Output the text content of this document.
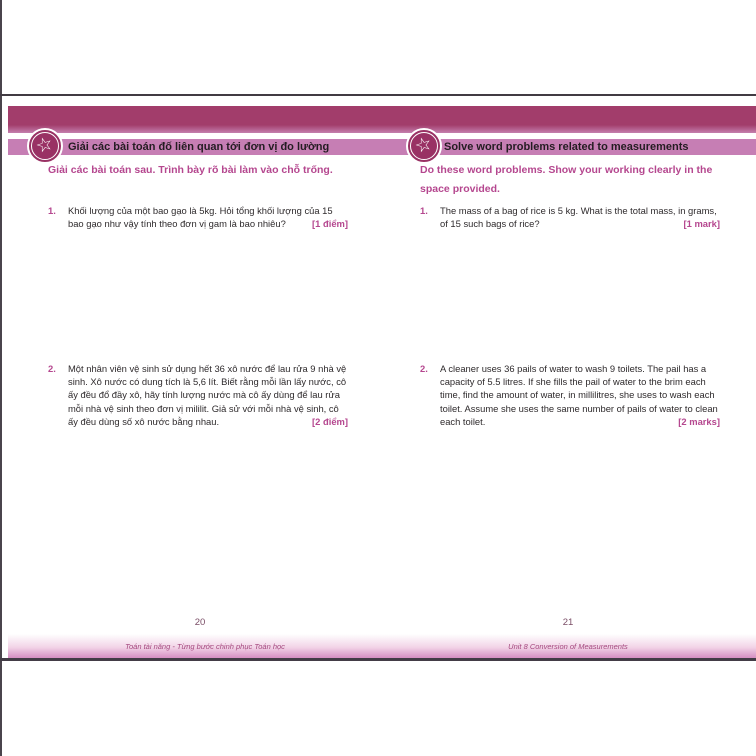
☆	☆
Giải các bài toán đố liên quan tới đơn vị đo lường	Solve word problems related to measurements
Giải các bài toán sau. Trình bày rõ bài làm vào chỗ trống.
1.	Khối lượng của một bao gạo là 5kg. Hỏi tổng khối lượng của 15
bao gạo như vậy tính theo đơn vị gam là bao nhiêu?	[1 điểm]
2.	Một nhân viên vệ sinh sử dụng hết 36 xô nước để lau rửa 9 nhà vệ
sinh. Xô nước có dung tích là 5,6 lít. Biết rằng mỗi lần lấy nước, cô
ấy đều đổ đầy xô, hãy tính lượng nước mà cô ấy dùng để lau rửa
mỗi nhà vệ sinh theo đơn vị mililit. Giả sử với mỗi nhà vệ sinh, cô
ấy đều dùng số xô nước bằng nhau.	[2 điểm]
Do these word problems. Show your working clearly in the
space provided.
1.	The mass of a bag of rice is 5 kg. What is the total mass, in grams,
of 15 such bags of rice?	[1 mark]
2.	A cleaner uses 36 pails of water to wash 9 toilets. The pail has a
capacity of 5.5 litres. If she fills the pail of water to the brim each
time, find the amount of water, in millilitres, she uses to wash each
toilet. Assume she uses the same number of pails of water to clean
each toilet.	[2 marks]
20	21
Toán tài năng - Từng bước chinh phục Toán học	Unit 8 Conversion of Measurements
